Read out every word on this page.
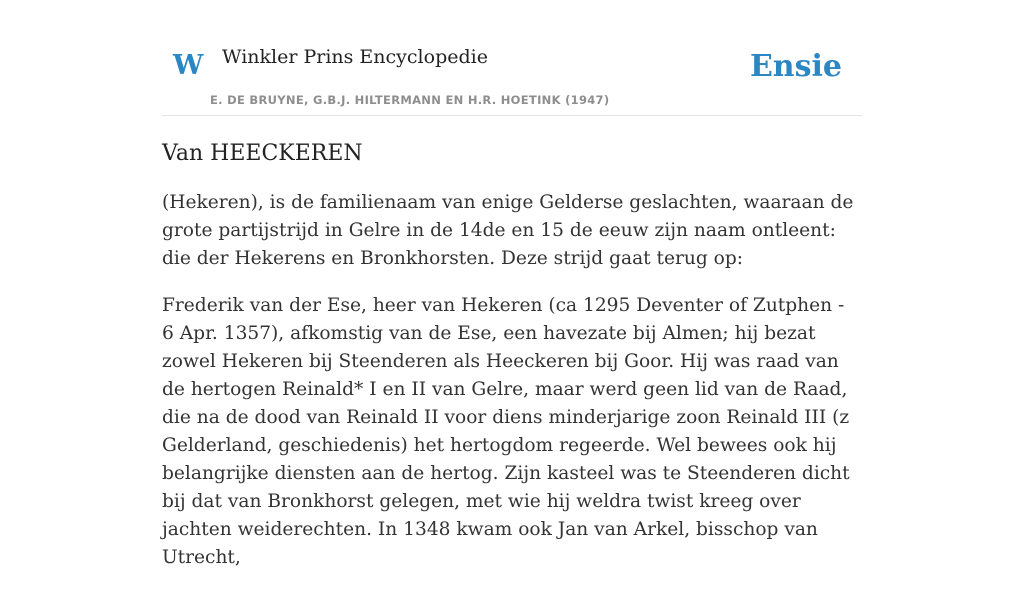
W Winkler Prins Encyclopedie
E. DE BRUYNE, G.B.J. HILTERMANN EN H.R. HOETINK (1947)
Ensie
Van HEECKEREN

(Hekeren), is de familienaam van enige Gelderse geslachten, waaraan de grote partijstrijd in Gelre in de 14de en 15 de eeuw zijn naam ontleent: die der Hekerens en Bronkhorsten. Deze strijd gaat terug op:

Frederik van der Ese, heer van Hekeren (ca 1295 Deventer of Zutphen - 6 Apr. 1357), afkomstig van de Ese, een havezate bij Almen; hij bezat zowel Hekeren bij Steenderen als Heeckeren bij Goor. Hij was raad van de hertogen Reinald* I en II van Gelre, maar werd geen lid van de Raad, die na de dood van Reinald II voor diens minderjarige zoon Reinald III (z Gelderland, geschiedenis) het hertogdom regeerde. Wel bewees ook hij belangrijke diensten aan de hertog. Zijn kasteel was te Steenderen dicht bij dat van Bronkhorst gelegen, met wie hij weldra twist kreeg over jachten weiderechten. In 1348 kwam ook Jan van Arkel, bisschop van Utrecht,
